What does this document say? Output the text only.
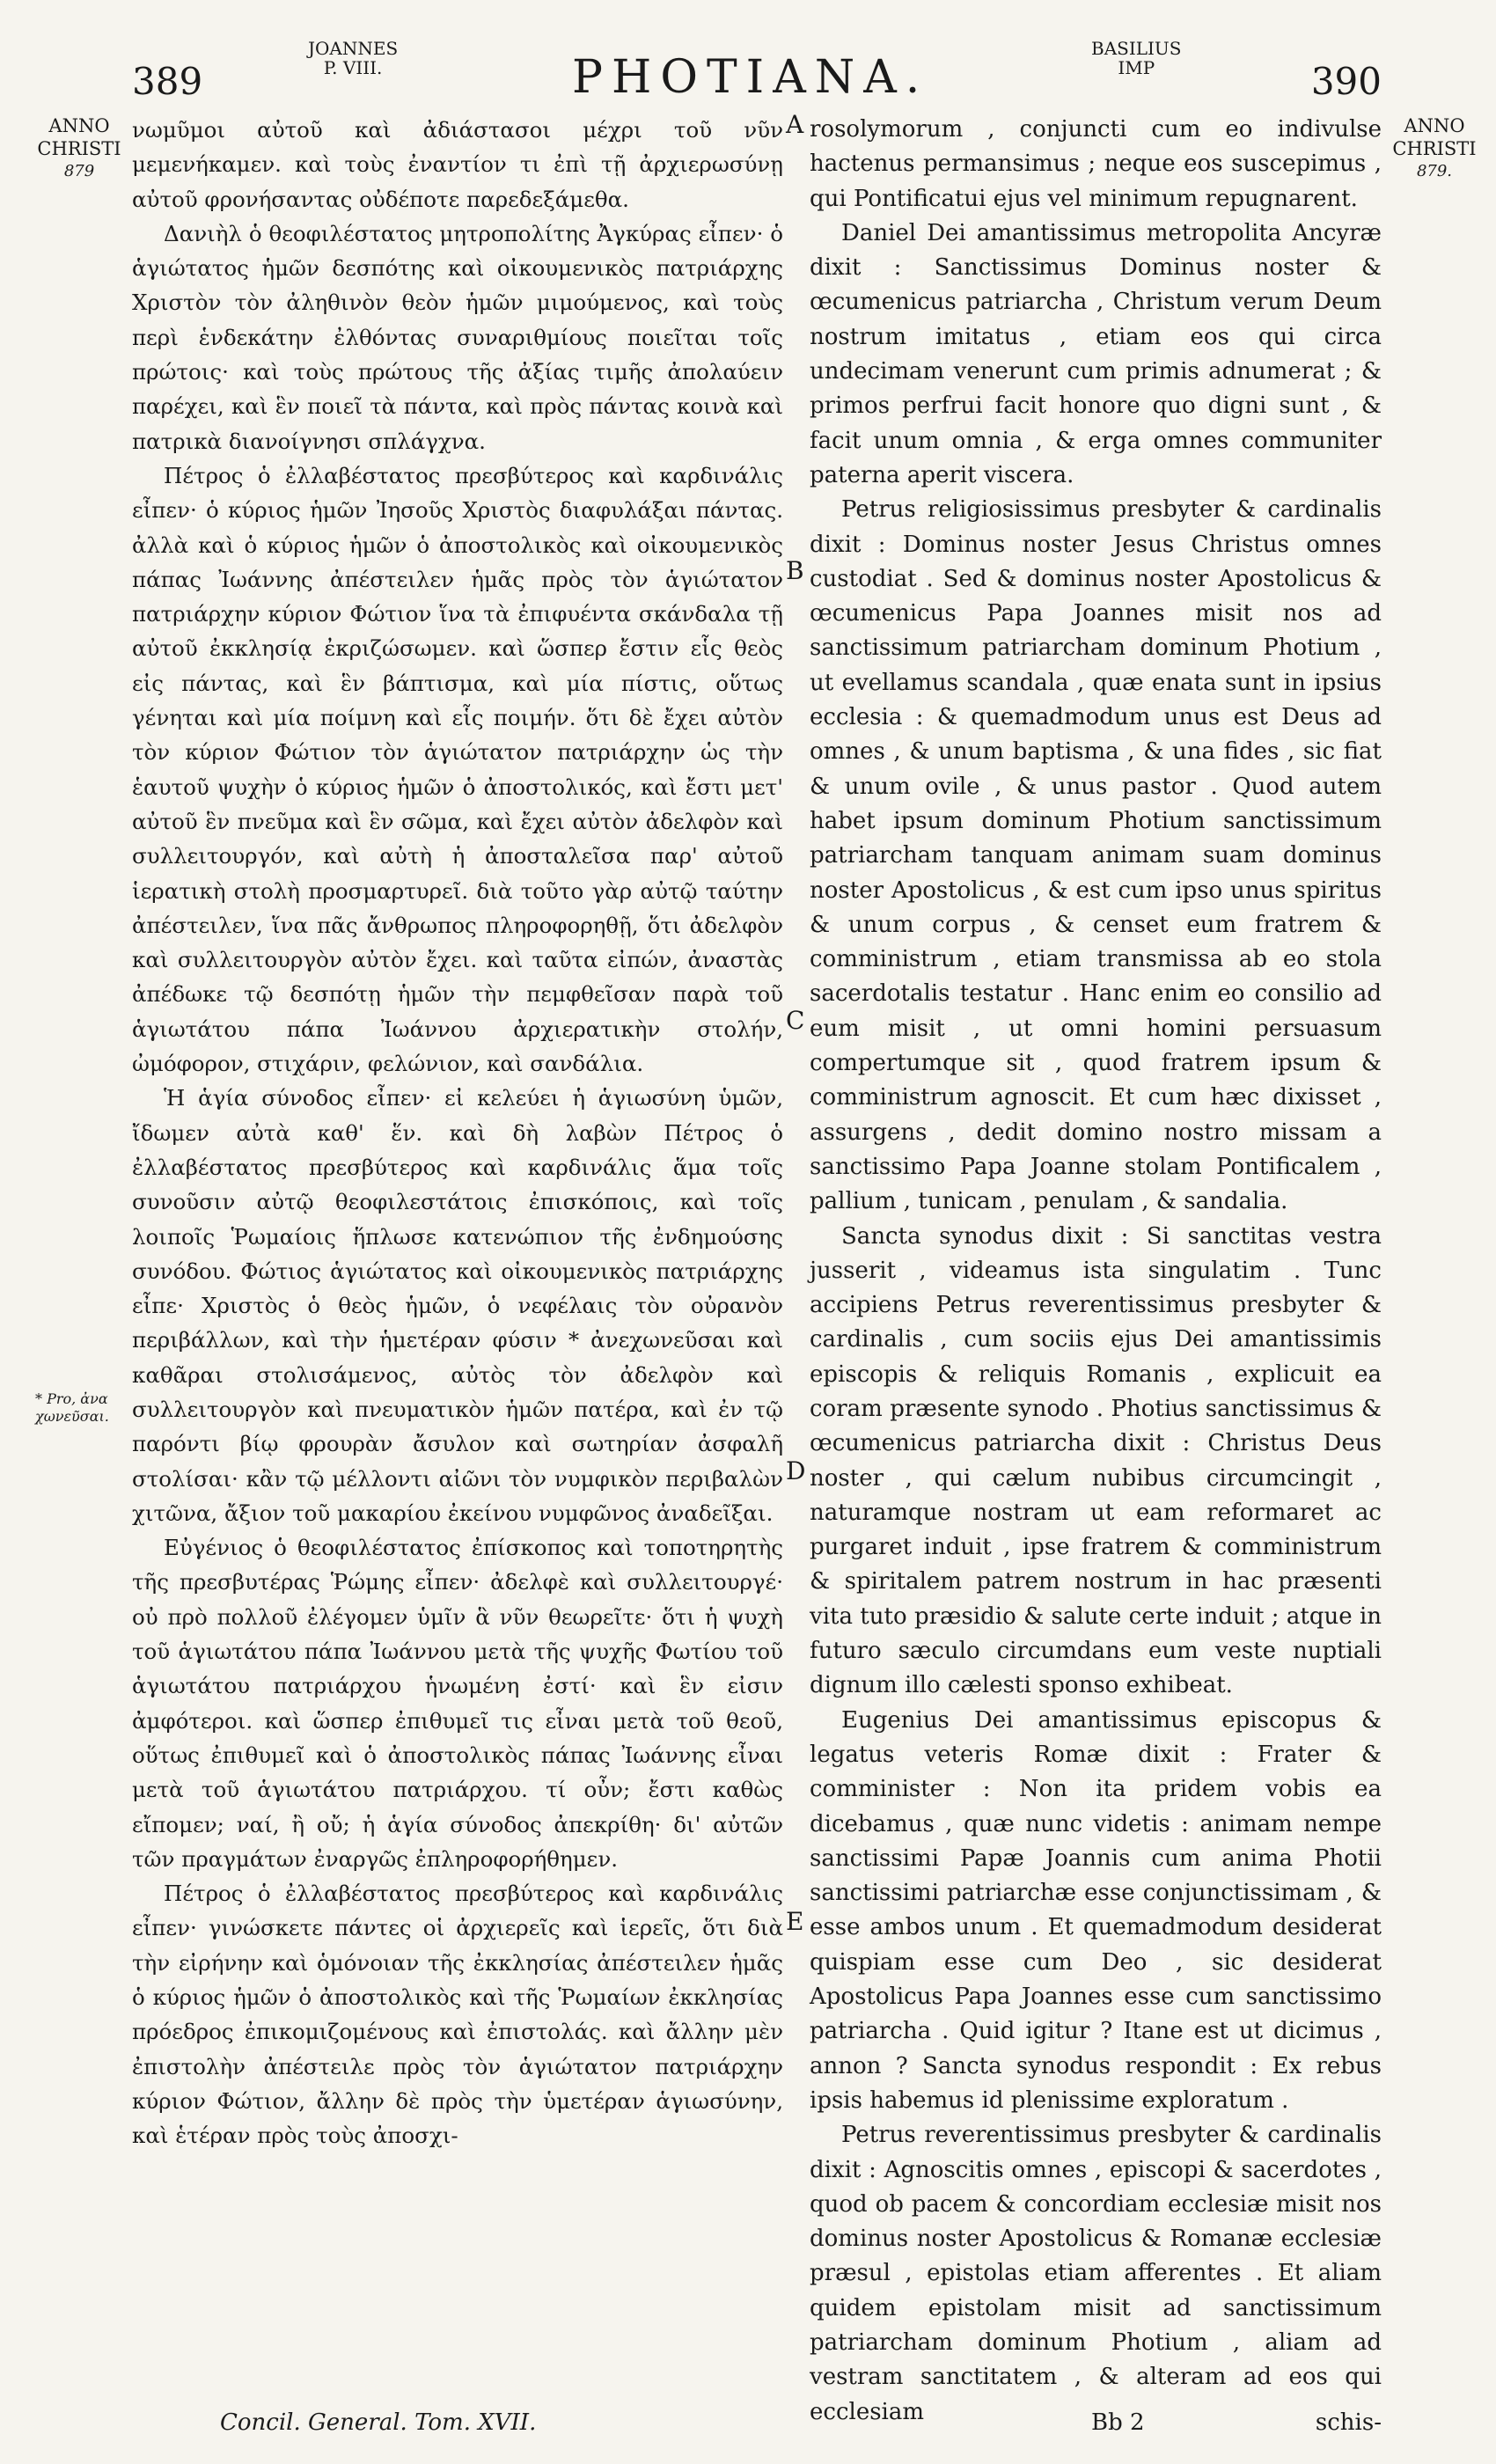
389
JOANNES
P. VIII.	PHOTIANA.
BASILIUS
IMP	390
ANNO
CHRISTI
879
ANNO
CHRISTI
879.
* Pro, ἀνα χωνεῦσαι.

νωμῦμοι αὐτοῦ καὶ ἀδιάστασοι μέχρι τοῦ νῦν μεμενήκαμεν. καὶ τοὺς ἐναντίον τι ἐπὶ τῇ ἀρχιερωσύνῃ αὐτοῦ φρονήσαντας οὐδέποτε παρεδεξάμεθα.

Δανιὴλ ὁ θεοφιλέστατος μητροπολίτης Ἀγκύρας εἶπεν· ὁ ἁγιώτατος ἡμῶν δεσπότης καὶ οἰκουμενικὸς πατριάρχης Χριστὸν τὸν ἀληθινὸν θεὸν ἡμῶν μιμούμενος, καὶ τοὺς περὶ ἑνδεκάτην ἐλθόντας συναριθμίους ποιεῖται τοῖς πρώτοις· καὶ τοὺς πρώτους τῆς ἀξίας τιμῆς ἀπολαύειν παρέχει, καὶ ἓν ποιεῖ τὰ πάντα, καὶ πρὸς πάντας κοινὰ καὶ πατρικὰ διανοίγνησι σπλάγχνα.

Πέτρος ὁ ἐλλαβέστατος πρεσβύτερος καὶ καρδινάλις εἶπεν· ὁ κύριος ἡμῶν Ἰησοῦς Χριστὸς διαφυλάξαι πάντας. ἀλλὰ καὶ ὁ κύριος ἡμῶν ὁ ἀποστολικὸς καὶ οἰκουμενικὸς πάπας Ἰωάννης ἀπέστειλεν ἡμᾶς πρὸς τὸν ἁγιώτατον πατριάρχην κύριον Φώτιον ἵνα τὰ ἐπιφυέντα σκάνδαλα τῇ αὐτοῦ ἐκκλησίᾳ ἐκριζώσωμεν. καὶ ὥσπερ ἔστιν εἷς θεὸς εἰς πάντας, καὶ ἓν βάπτισμα, καὶ μία πίστις, οὕτως γένηται καὶ μία ποίμνη καὶ εἷς ποιμήν. ὅτι δὲ ἔχει αὐτὸν τὸν κύριον Φώτιον τὸν ἁγιώτατον πατριάρχην ὡς τὴν ἑαυτοῦ ψυχὴν ὁ κύριος ἡμῶν ὁ ἀποστολικός, καὶ ἔστι μετ' αὐτοῦ ἓν πνεῦμα καὶ ἓν σῶμα, καὶ ἔχει αὐτὸν ἀδελφὸν καὶ συλλειτουργόν, καὶ αὐτὴ ἡ ἀποσταλεῖσα παρ' αὐτοῦ ἱερατικὴ στολὴ προσμαρτυρεῖ. διὰ τοῦτο γὰρ αὐτῷ ταύτην ἀπέστειλεν, ἵνα πᾶς ἄνθρωπος πληροφορηθῇ, ὅτι ἀδελφὸν καὶ συλλειτουργὸν αὐτὸν ἔχει. καὶ ταῦτα εἰπών, ἀναστὰς ἀπέδωκε τῷ δεσπότῃ ἡμῶν τὴν πεμφθεῖσαν παρὰ τοῦ ἁγιωτάτου πάπα Ἰωάννου ἀρχιερατικὴν στολήν, ὠμόφορον, στιχάριν, φελώνιον, καὶ σανδάλια.

Ἡ ἁγία σύνοδος εἶπεν· εἰ κελεύει ἡ ἁγιωσύνη ὑμῶν, ἴδωμεν αὐτὰ καθ' ἕν. καὶ δὴ λαβὼν Πέτρος ὁ ἐλλαβέστατος πρεσβύτερος καὶ καρδινάλις ἅμα τοῖς συνοῦσιν αὐτῷ θεοφιλεστάτοις ἐπισκόποις, καὶ τοῖς λοιποῖς Ῥωμαίοις ἥπλωσε κατενώπιον τῆς ἐνδημούσης συνόδου. Φώτιος ἁγιώτατος καὶ οἰκουμενικὸς πατριάρχης εἶπε· Χριστὸς ὁ θεὸς ἡμῶν, ὁ νεφέλαις τὸν οὐρανὸν περιβάλλων, καὶ τὴν ἡμετέραν φύσιν * ἀνεχωνεῦσαι καὶ καθᾶραι στολισάμενος, αὐτὸς τὸν ἀδελφὸν καὶ συλλειτουργὸν καὶ πνευματικὸν ἡμῶν πατέρα, καὶ ἐν τῷ παρόντι βίῳ φρουρὰν ἄσυλον καὶ σωτηρίαν ἀσφαλῆ στολίσαι· κἂν τῷ μέλλοντι αἰῶνι τὸν νυμφικὸν περιβαλὼν χιτῶνα, ἄξιον τοῦ μακαρίου ἐκείνου νυμφῶνος ἀναδεῖξαι.

Εὐγένιος ὁ θεοφιλέστατος ἐπίσκοπος καὶ τοποτηρητὴς τῆς πρεσβυτέρας Ῥώμης εἶπεν· ἀδελφὲ καὶ συλλειτουργέ· οὐ πρὸ πολλοῦ ἐλέγομεν ὑμῖν ἃ νῦν θεωρεῖτε· ὅτι ἡ ψυχὴ τοῦ ἁγιωτάτου πάπα Ἰωάννου μετὰ τῆς ψυχῆς Φωτίου τοῦ ἁγιωτάτου πατριάρχου ἡνωμένη ἐστί· καὶ ἓν εἰσιν ἀμφότεροι. καὶ ὥσπερ ἐπιθυμεῖ τις εἶναι μετὰ τοῦ θεοῦ, οὕτως ἐπιθυμεῖ καὶ ὁ ἀποστολικὸς πάπας Ἰωάννης εἶναι μετὰ τοῦ ἁγιωτάτου πατριάρχου. τί οὖν; ἔστι καθὼς εἴπομεν; ναί, ἢ οὔ; ἡ ἁγία σύνοδος ἀπεκρίθη· δι' αὐτῶν τῶν πραγμάτων ἐναργῶς ἐπληροφορήθημεν.

Πέτρος ὁ ἐλλαβέστατος πρεσβύτερος καὶ καρδινάλις εἶπεν· γινώσκετε πάντες οἱ ἀρχιερεῖς καὶ ἱερεῖς, ὅτι διὰ τὴν εἰρήνην καὶ ὁμόνοιαν τῆς ἐκκλησίας ἀπέστειλεν ἡμᾶς ὁ κύριος ἡμῶν ὁ ἀποστολικὸς καὶ τῆς Ῥωμαίων ἐκκλησίας πρόεδρος ἐπικομιζομένους καὶ ἐπιστολάς. καὶ ἄλλην μὲν ἐπιστολὴν ἀπέστειλε πρὸς τὸν ἁγιώτατον πατριάρχην κύριον Φώτιον, ἄλλην δὲ πρὸς τὴν ὑμετέραν ἁγιωσύνην, καὶ ἑτέραν πρὸς τοὺς ἀποσχι-

A
B
C
D
E

rosolymorum , conjuncti cum eo indivulse hactenus permansimus ; neque eos suscepimus , qui Pontificatui ejus vel minimum repugnarent.

Daniel Dei amantissimus metropolita Ancyræ dixit : Sanctissimus Dominus noster & œcumenicus patriarcha , Christum verum Deum nostrum imitatus , etiam eos qui circa undecimam venerunt cum primis adnumerat ; & primos perfrui facit honore quo digni sunt , & facit unum omnia , & erga omnes communiter paterna aperit viscera.

Petrus religiosissimus presbyter & cardinalis dixit : Dominus noster Jesus Christus omnes custodiat . Sed & dominus noster Apostolicus & œcumenicus Papa Joannes misit nos ad sanctissimum patriarcham dominum Photium , ut evellamus scandala , quæ enata sunt in ipsius ecclesia : & quemadmodum unus est Deus ad omnes , & unum baptisma , & una fides , sic fiat & unum ovile , & unus pastor . Quod autem habet ipsum dominum Photium sanctissimum patriarcham tanquam animam suam dominus noster Apostolicus , & est cum ipso unus spiritus & unum corpus , & censet eum fratrem & comministrum , etiam transmissa ab eo stola sacerdotalis testatur . Hanc enim eo consilio ad eum misit , ut omni homini persuasum compertumque sit , quod fratrem ipsum & comministrum agnoscit. Et cum hæc dixisset , assurgens , dedit domino nostro missam a sanctissimo Papa Joanne stolam Pontificalem , pallium , tunicam , penulam , & sandalia.

Sancta synodus dixit : Si sanctitas vestra jusserit , videamus ista singulatim . Tunc accipiens Petrus reverentissimus presbyter & cardinalis , cum sociis ejus Dei amantissimis episcopis & reliquis Romanis , explicuit ea coram præsente synodo . Photius sanctissimus & œcumenicus patriarcha dixit : Christus Deus noster , qui cælum nubibus circumcingit , naturamque nostram ut eam reformaret ac purgaret induit , ipse fratrem & comministrum & spiritalem patrem nostrum in hac præsenti vita tuto præsidio & salute certe induit ; atque in futuro sæculo circumdans eum veste nuptiali dignum illo cælesti sponso exhibeat.

Eugenius Dei amantissimus episcopus & legatus veteris Romæ dixit : Frater & comminister : Non ita pridem vobis ea dicebamus , quæ nunc videtis : animam nempe sanctissimi Papæ Joannis cum anima Photii sanctissimi patriarchæ esse conjunctissimam , & esse ambos unum . Et quemadmodum desiderat quispiam esse cum Deo , sic desiderat Apostolicus Papa Joannes esse cum sanctissimo patriarcha . Quid igitur ? Itane est ut dicimus , annon ? Sancta synodus respondit : Ex rebus ipsis habemus id plenissime exploratum .

Petrus reverentissimus presbyter & cardinalis dixit : Agnoscitis omnes , episcopi & sacerdotes , quod ob pacem & concordiam ecclesiæ misit nos dominus noster Apostolicus & Romanæ ecclesiæ præsul , epistolas etiam afferentes . Et aliam quidem epistolam misit ad sanctissimum patriarcham dominum Photium , aliam ad vestram sanctitatem , & alteram ad eos qui ecclesiam

Concil. General. Tom. XVII.	Bb 2	schis-
